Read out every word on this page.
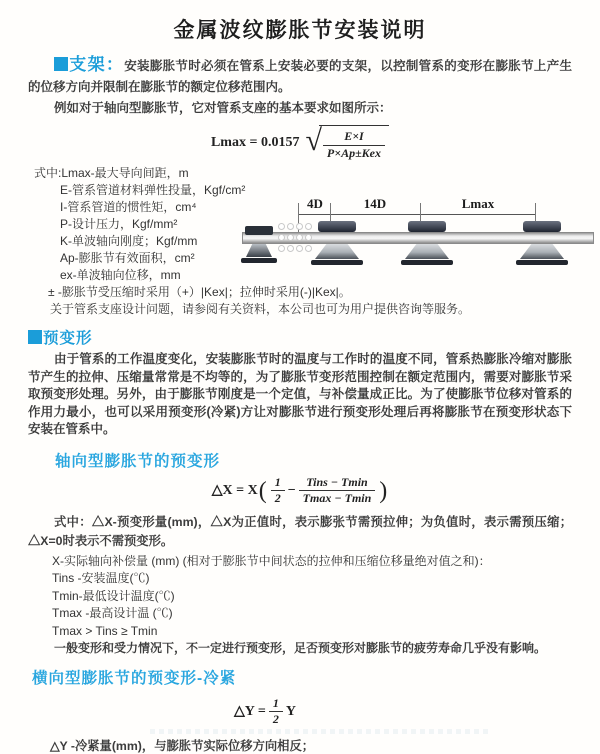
金属波纹膨胀节安装说明

支架：安装膨胀节时必须在管系上安装必要的支架，以控制管系的变形在膨胀节上产生的位移方向并限制在膨胀节的额定位移范围内。

例如对于轴向型膨胀节，它对管系支座的基本要求如图所示：

Lmax = 0.0157 √ $\frac{E\times I}{\text{P×Ap±Kex}}$
式中:Lmax-最大导向间距，m
E-管系管道材料弹性投量，Kgf/cm²
I-管系管道的惯性矩，cm⁴
P-设计压力，Kgf/mm²
K-单波轴向刚度；Kgf/mm
Ap-膨胀节有效面积，cm²
ex-单波轴向位移，mm
± -膨胀节受压缩时采用（+）|Kex|；拉伸时采用(-)|Kex|。
关于管系支座设计问题，请参阅有关资料，本公司也可为用户提供咨询等服务。
4D	14D	Lmax

预变形

由于管系的工作温度变化，安装膨胀节时的温度与工作时的温度不同，管系热膨胀冷缩对膨胀节产生的拉伸、压缩量常常是不均等的，为了膨胀节变形范围控制在额定范围内，需要对膨胀节采取预变形处理。另外，由于膨胀节刚度是一个定值，与补偿量成正比。为了使膨胀节位移对管系的作用力最小，也可以采用预变形(冷紧)方让对膨胀节进行预变形处理后再将膨胀节在预变形状态下安装在管系中。

轴向型膨胀节的预变形
△X = X ( $\frac{1}{2} - \frac{\text{Tins − Tmin}}{Tmax - Tmin}$ )

式中：△X-预变形量(mm)，△X为正值时，表示膨张节需预拉伸；为负值时，表示需预压缩；△X=0时表示不需预变形。

X-实际轴向补偿量 (mm) (相对于膨胀节中间状态的拉伸和压缩位移量绝对值之和)：
Tins -安装温度(℃)
Tmin-最低设计温度(℃)
Tmax -最高设计温 (℃)
Tmax > Tins ≥ Tmin
一般变形和受力情况下，不一定进行预变形，足否预变形对膨胀节的疲劳寿命几乎没有影响。
横向型膨胀节的预变形-冷紧
△Y = $\frac{1}{2}$ Y

△Y -冷紧量(mm)，与膨胀节实际位移方向相反；
